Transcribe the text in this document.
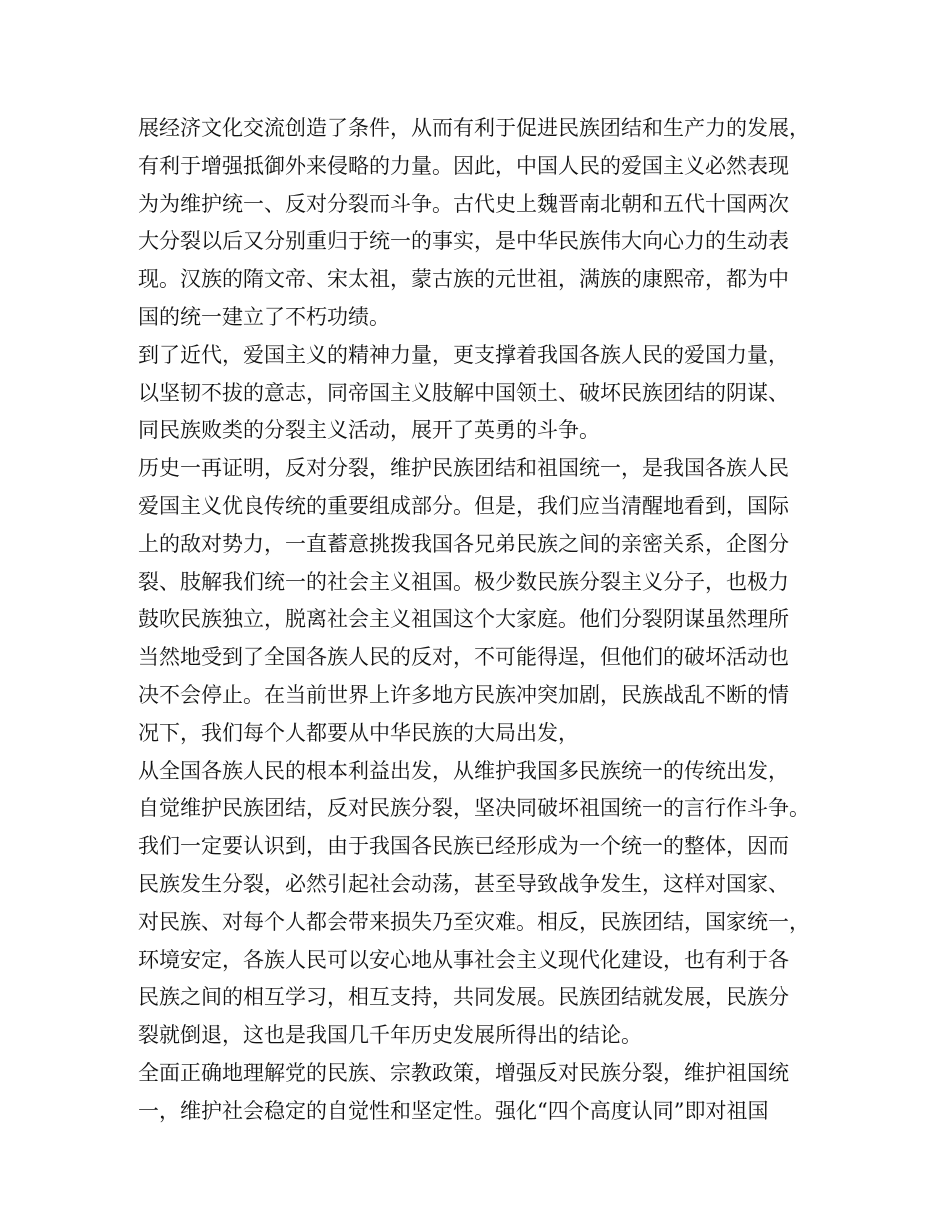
展经济文化交流创造了条件，从而有利于促进民族团结和生产力的发展，
有利于增强抵御外来侵略的力量。因此，中国人民的爱国主义必然表现
为为维护统一、反对分裂而斗争。古代史上魏晋南北朝和五代十国两次
大分裂以后又分别重归于统一的事实，是中华民族伟大向心力的生动表
现。汉族的隋文帝、宋太祖，蒙古族的元世祖，满族的康熙帝，都为中
国的统一建立了不朽功绩。
到了近代，爱国主义的精神力量，更支撑着我国各族人民的爱国力量，
以坚韧不拔的意志，同帝国主义肢解中国领土、破坏民族团结的阴谋、
同民族败类的分裂主义活动，展开了英勇的斗争。
历史一再证明，反对分裂，维护民族团结和祖国统一，是我国各族人民
爱国主义优良传统的重要组成部分。但是，我们应当清醒地看到，国际
上的敌对势力，一直蓄意挑拨我国各兄弟民族之间的亲密关系，企图分
裂、肢解我们统一的社会主义祖国。极少数民族分裂主义分子，也极力
鼓吹民族独立，脱离社会主义祖国这个大家庭。他们分裂阴谋虽然理所
当然地受到了全国各族人民的反对，不可能得逞，但他们的破坏活动也
决不会停止。在当前世界上许多地方民族冲突加剧，民族战乱不断的情
况下，我们每个人都要从中华民族的大局出发，
从全国各族人民的根本利益出发，从维护我国多民族统一的传统出发，
自觉维护民族团结，反对民族分裂，坚决同破坏祖国统一的言行作斗争。
我们一定要认识到，由于我国各民族已经形成为一个统一的整体，因而
民族发生分裂，必然引起社会动荡，甚至导致战争发生，这样对国家、
对民族、对每个人都会带来损失乃至灾难。相反，民族团结，国家统一，
环境安定，各族人民可以安心地从事社会主义现代化建设，也有利于各
民族之间的相互学习，相互支持，共同发展。民族团结就发展，民族分
裂就倒退，这也是我国几千年历史发展所得出的结论。
全面正确地理解党的民族、宗教政策，增强反对民族分裂，维护祖国统
一，维护社会稳定的自觉性和坚定性。强化“四个高度认同”即对祖国
